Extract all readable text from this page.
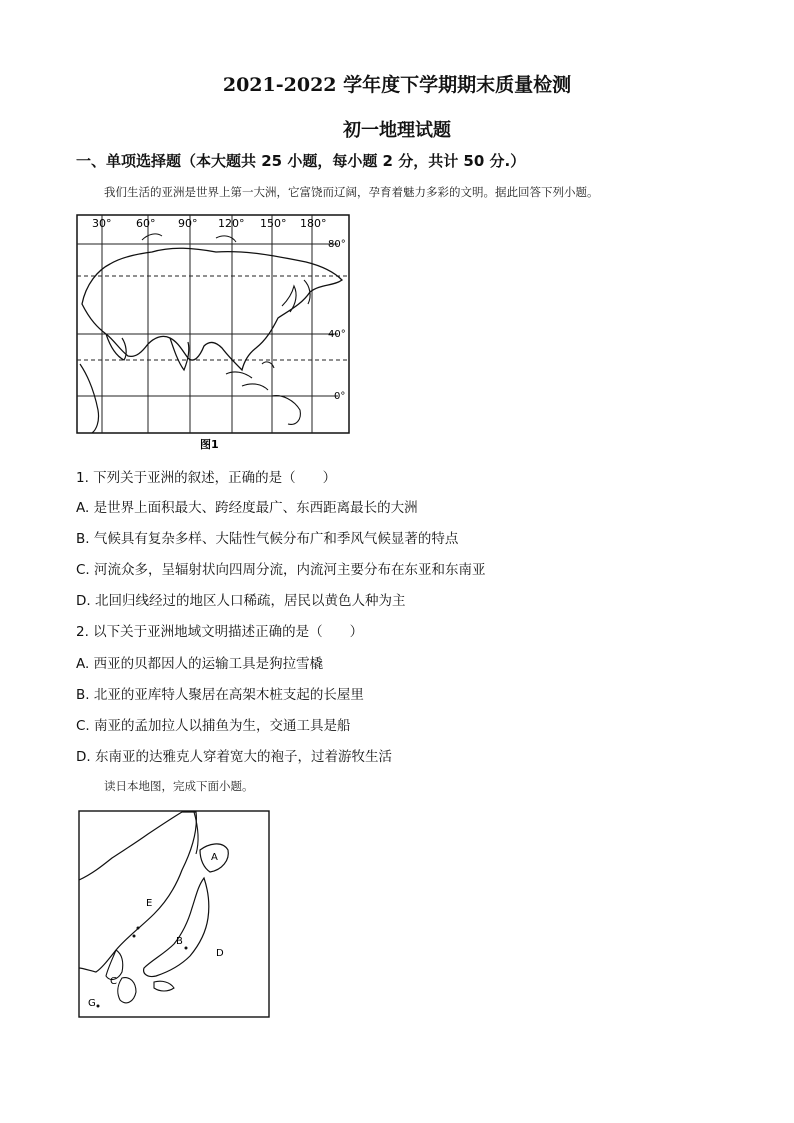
2021-2022 学年度下学期期末质量检测
初一地理试题
一、单项选择题（本大题共 25 小题，每小题 2 分，共计 50 分.）
我们生活的亚洲是世界上第一大洲，它富饶而辽阔，孕育着魅力多彩的文明。据此回答下列小题。
30° 60° 90° 120° 150° 180°
80°
40°
0°
图1
1. 下列关于亚洲的叙述，正确的是（　　）
A. 是世界上面积最大、跨经度最广、东西距离最长的大洲
B. 气候具有复杂多样、大陆性气候分布广和季风气候显著的特点
C. 河流众多，呈辐射状向四周分流，内流河主要分布在东亚和东南亚
D. 北回归线经过的地区人口稀疏，居民以黄色人种为主
2. 以下关于亚洲地域文明描述正确的是（　　）
A. 西亚的贝都因人的运输工具是狗拉雪橇
B. 北亚的亚库特人聚居在高架木桩支起的长屋里
C. 南亚的孟加拉人以捕鱼为生，交通工具是船
D. 东南亚的达雅克人穿着宽大的袍子，过着游牧生活
读日本地图，完成下面小题。
A
B
C
D
E
G
